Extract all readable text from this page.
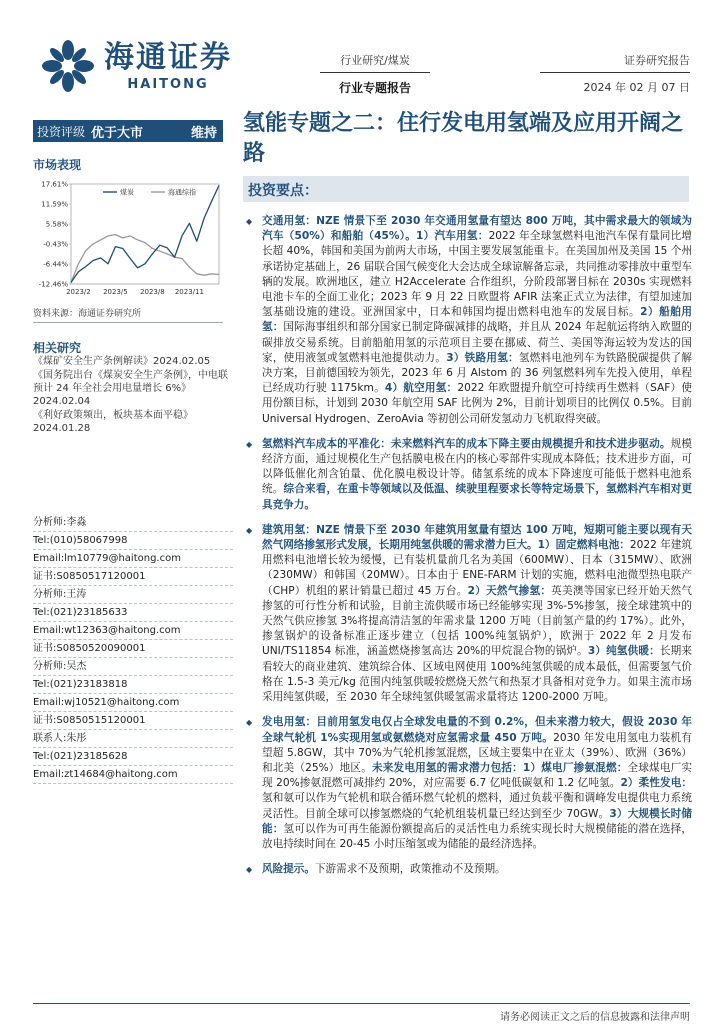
海通证券
HAITONG
行业研究/煤炭
行业专题报告
证券研究报告
2024 年 02 月 07 日
投资评级 优于大市	维持
市场表现
煤炭	海通综指
17.61%
11.59%
5.58%
-0.43%
-6.44%
-12.46%
2023/2 2023/5 2023/8 2023/11
资料来源：海通证券研究所
相关研究
《煤矿安全生产条例解读》2024.02.05
《国务院出台《煤炭安全生产条例》，中电联预计 24 年全社会用电量增长 6%》2024.02.04
《利好政策频出，板块基本面平稳》2024.01.28
分析师:李淼
Tel:(010)58067998
Email:lm10779@haitong.com
证书:S0850517120001
分析师:王涛
Tel:(021)23185633
Email:wt12363@haitong.com
证书:S0850520090001
分析师:吴杰
Tel:(021)23183818
Email:wj10521@haitong.com
证书:S0850515120001
联系人:朱彤
Tel:(021)23185628
Email:zt14684@haitong.com
氢能专题之二：住行发电用氢端及应用开阔之路
投资要点：

◆ 交通用氢：NZE 情景下至 2030 年交通用氢量有望达 800 万吨，其中需求最大的领域为汽车（50%）和船舶（45%）。1）汽车用氢：2022 年全球氢燃料电池汽车保有量同比增长超 40%，韩国和美国为前两大市场，中国主要发展氢能重卡。在美国加州及美国 15 个州承诺协定基础上，26 届联合国气候变化大会达成全球谅解备忘录，共同推动零排放中重型车辆的发展。欧洲地区，建立 H2Accelerate 合作组织，分阶段部署目标在 2030s 实现燃料电池卡车的全面工业化；2023 年 9 月 22 日欧盟将 AFIR 法案正式立为法律，有望加速加氢基础设施的建设。亚洲国家中，日本和韩国均提出燃料电池车的发展目标。2）船舶用氢：国际海事组织和部分国家已制定降碳减排的战略，并且从 2024 年起航运将纳入欧盟的碳排放交易系统。目前船舶用氢的示范项目主要在挪威、荷兰、美国等海运较为发达的国家，使用液氢或氢燃料电池提供动力。3）铁路用氢：氢燃料电池列车为铁路脱碳提供了解决方案，目前德国较为领先，2023 年 6 月 Alstom 的 36 列氢燃料列车先投入使用，单程已经成功行驶 1175km。4）航空用氢：2022 年欧盟提升航空可持续再生燃料（SAF）使用份额目标，计划到 2030 年航空用 SAF 比例为 2%，目前计划项目的比例仅 0.5%。目前 Universal Hydrogen、ZeroAvia 等初创公司研发氢动力飞机取得突破。

◆ 氢燃料汽车成本的平准化：未来燃料汽车的成本下降主要由规模提升和技术进步驱动。规模经济方面，通过规模化生产包括膜电极在内的核心零部件实现成本降低；技术进步方面，可以降低催化剂含铂量、优化膜电极设计等。储氢系统的成本下降速度可能低于燃料电池系统。综合来看，在重卡等领域以及低温、续驶里程要求长等特定场景下，氢燃料汽车相对更具竞争力。

◆ 建筑用氢：NZE 情景下至 2030 年建筑用氢量有望达 100 万吨，短期可能主要以现有天然气网络掺氢形式发展，长期用纯氢供暖的需求潜力巨大。1）固定燃料电池：2022 年建筑用燃料电池增长较为缓慢，已有装机量前几名为美国（600MW）、日本（315MW）、欧洲（230MW）和韩国（20MW）。日本由于 ENE-FARM 计划的实施，燃料电池微型热电联产（CHP）机组的累计销量已超过 45 万台。2）天然气掺氢：英美澳等国家已经开始天然气掺氢的可行性分析和试验，目前主流供暖市场已经能够实现 3%-5%掺氢，接全球建筑中的天然气供应掺氢 3%将提高清洁氢的年需求量 1200 万吨（目前氢产量的约 17%）。此外，掺氢锅炉的设备标准正逐步建立（包括 100%纯氢锅炉），欧洲于 2022 年 2 月发布 UNI/TS11854 标准，涵盖燃烧掺氢高达 20%的甲烷混合物的锅炉。3）纯氢供暖：长期来看较大的商业建筑、建筑综合体、区域电网使用 100%纯氢供暖的成本最低，但需要氢气价格在 1.5-3 美元/kg 范围内纯氢供暖较燃烧天然气和热泵才具备相对竞争力。如果主流市场采用纯氢供暖，至 2030 年全球纯氢供暖氢需求量将达 1200-2000 万吨。

◆ 发电用氢：目前用氢发电仅占全球发电量的不到 0.2%，但未来潜力较大，假设 2030 年全球气轮机 1%实现用氢或氨燃烧对应氢需求量 450 万吨。2030 年发电用氢电力装机有望超 5.8GW，其中 70%为气轮机掺氢混燃，区域主要集中在亚太（39%）、欧洲（36%）和北美（25%）地区。未来发电用氢的需求潜力包括：1）煤电厂掺氨混燃：全球煤电厂实现 20%掺氨混燃可减排约 20%，对应需要 6.7 亿吨低碳氨和 1.2 亿吨氢。2）柔性发电：氢和氨可以作为气轮机和联合循环燃气轮机的燃料，通过负载平衡和调峰发电提供电力系统灵活性。目前全球可以掺氢燃烧的气轮机组装机量已经达到至少 70GW。3）大规模长时储能：氢可以作为可再生能源份额提高后的灵活性电力系统实现长时大规模储能的潜在选择，放电持续时间在 20-45 小时压缩氢或为储能的最经济选择。

◆ 风险提示。下游需求不及预期，政策推动不及预期。

请务必阅读正文之后的信息披露和法律声明
